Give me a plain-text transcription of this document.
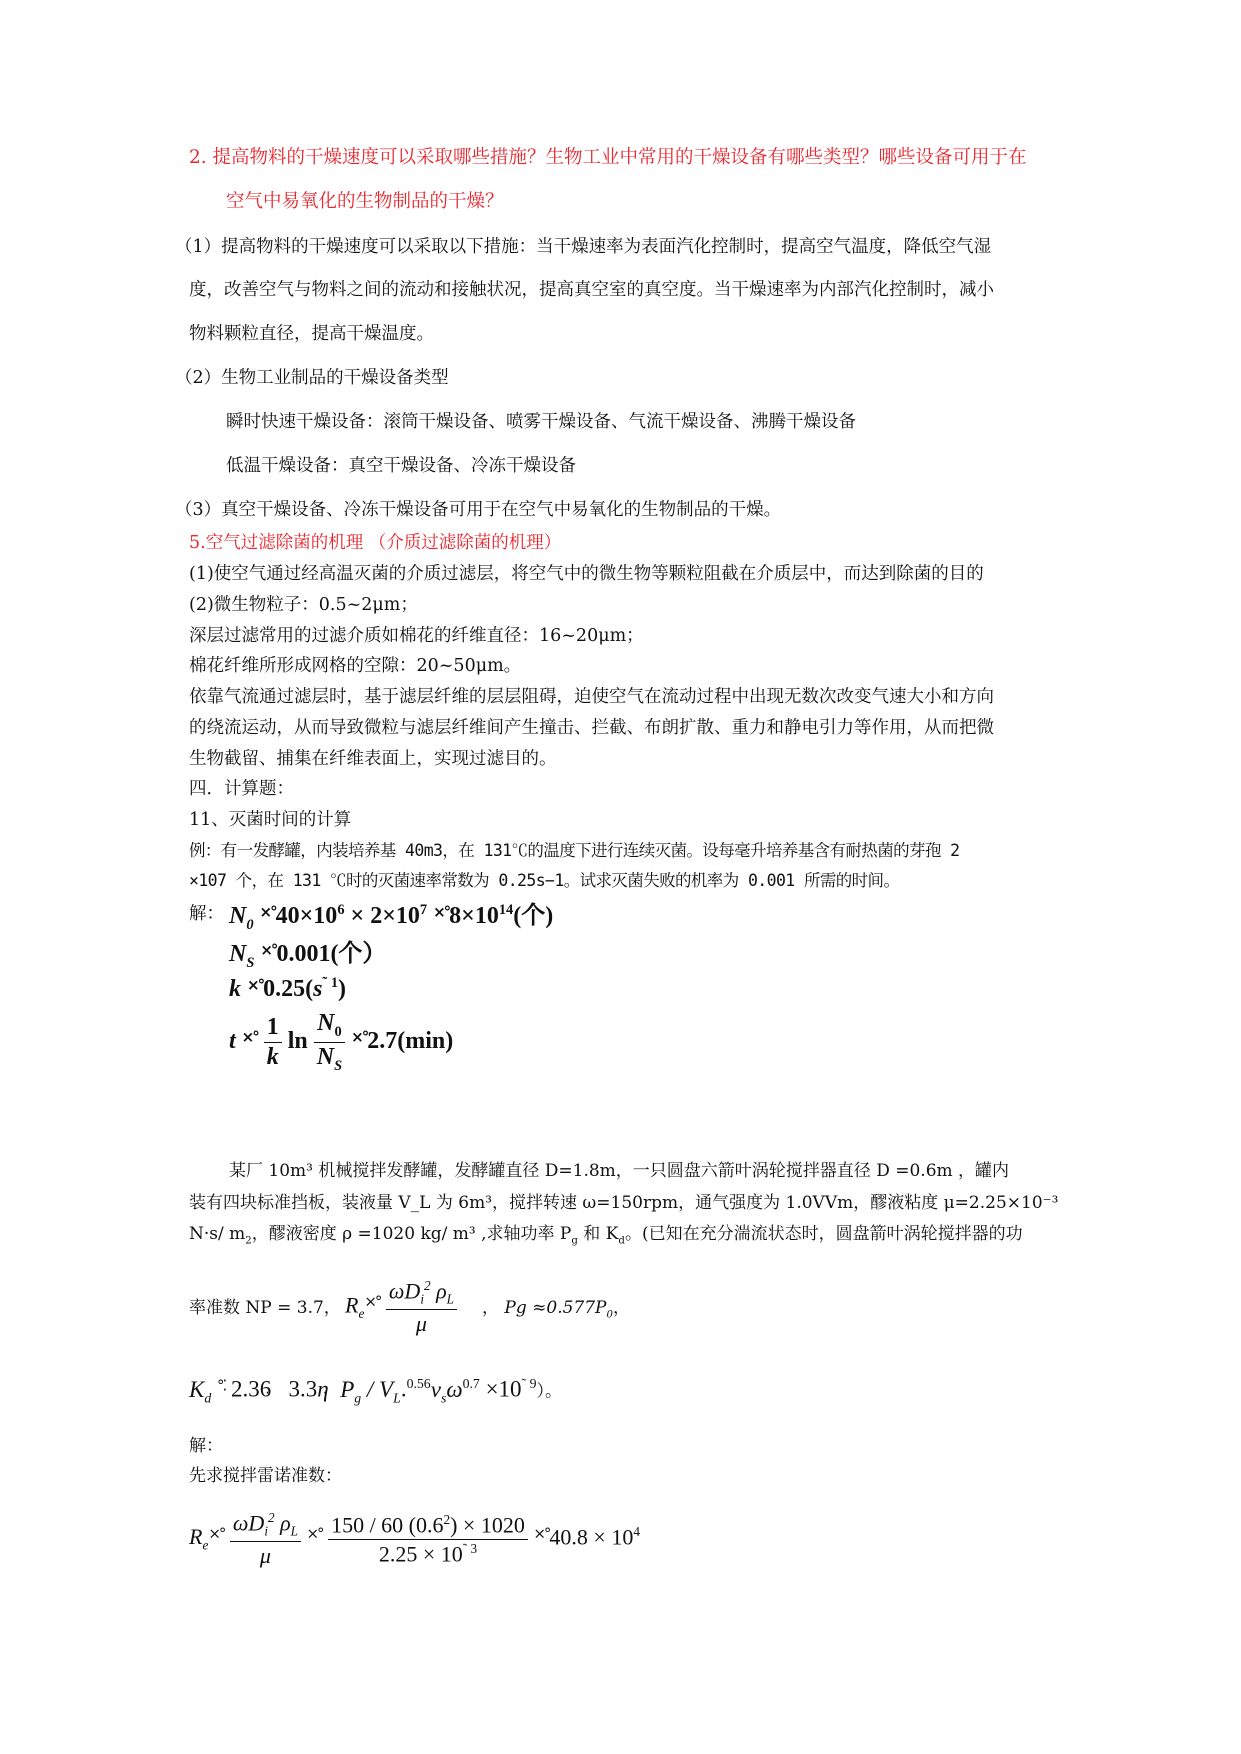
2. 提高物料的干燥速度可以采取哪些措施？生物工业中常用的干燥设备有哪些类型？哪些设备可用于在
空气中易氧化的生物制品的干燥？
（1）提高物料的干燥速度可以采取以下措施：当干燥速率为表面汽化控制时，提高空气温度，降低空气湿
度，改善空气与物料之间的流动和接触状况，提高真空室的真空度。当干燥速率为内部汽化控制时，减小
物料颗粒直径，提高干燥温度。
（2）生物工业制品的干燥设备类型
瞬时快速干燥设备：滚筒干燥设备、喷雾干燥设备、气流干燥设备、沸腾干燥设备
低温干燥设备：真空干燥设备、冷冻干燥设备
（3）真空干燥设备、冷冻干燥设备可用于在空气中易氧化的生物制品的干燥。
5.空气过滤除菌的机理 （介质过滤除菌的机理）
(1)使空气通过经高温灭菌的介质过滤层，将空气中的微生物等颗粒阻截在介质层中，而达到除菌的目的
(2)微生物粒子：0.5~2μm；
深层过滤常用的过滤介质如棉花的纤维直径：16~20μm；
棉花纤维所形成网格的空隙：20~50μm。
依靠气流通过滤层时，基于滤层纤维的层层阻碍，迫使空气在流动过程中出现无数次改变气速大小和方向
的绕流运动，从而导致微粒与滤层纤维间产生撞击、拦截、布朗扩散、重力和静电引力等作用，从而把微
生物截留、捕集在纤维表面上，实现过滤目的。
四．计算题：
11、灭菌时间的计算
例：有一发酵罐，内装培养基 40m3，在 131℃的温度下进行连续灭菌。设每毫升培养基含有耐热菌的芽孢 2
×107 个，在 131 ℃时的灭菌速率常数为 0.25s−1。试求灭菌失败的机率为 0.001 所需的时间。
解： $N_0$ $^{\times^\circ}40\times 10^6 \times 2\times 10^7$ $^{\times^\circ}8\times 10^{14}$(个)
$N_S$ ×°0.001(个）
k ×°0.25(s˜ $^1$)
t $^{\times^\circ} \frac{1}{k}$ $\ln \frac{N_0}{N_S} ^{\times^\circ}2.7(\min)$
某厂 10m³ 机械搅拌发酵罐，发酵罐直径 D=1.8m，一只圆盘六箭叶涡轮搅拌器直径 D =0.6m ，罐内
装有四块标准挡板，装液量 V_L 为 6m³，搅拌转速 ω=150rpm，通气强度为 1.0VVm，醪液粘度 μ=2.25×10⁻³
N·s/ $m_2$，醪液密度 ρ =1020 kg/ m³ ,求轴功率 $P_g$ 和 $K_d$。(已知在充分湍流状态时，圆盘箭叶涡轮搅拌器的功
率准数 NP = 3.7， $R_e^{\times^\circ} \frac{\omega D_i^2 \rho_L}{\mu}$ ， $Pg \approx 0.577P_0$，
$K_d$ °⁚ 2.36 3.3η $P_g / V_L.^{0.56}v_s\omega^{0.7} \times 10^˜$ $^9$）。
解：
先求搅拌雷诺准数：
$R_e^{\times^\circ} \frac{\omega D_i^2 \rho_L}{\mu} ^{\times^\circ} \frac{150 / 60 (0.6^2) \times 1020}{2.25 \times 10^˜ ^3} ^{\times^\circ}40.8 \times 10^4$
